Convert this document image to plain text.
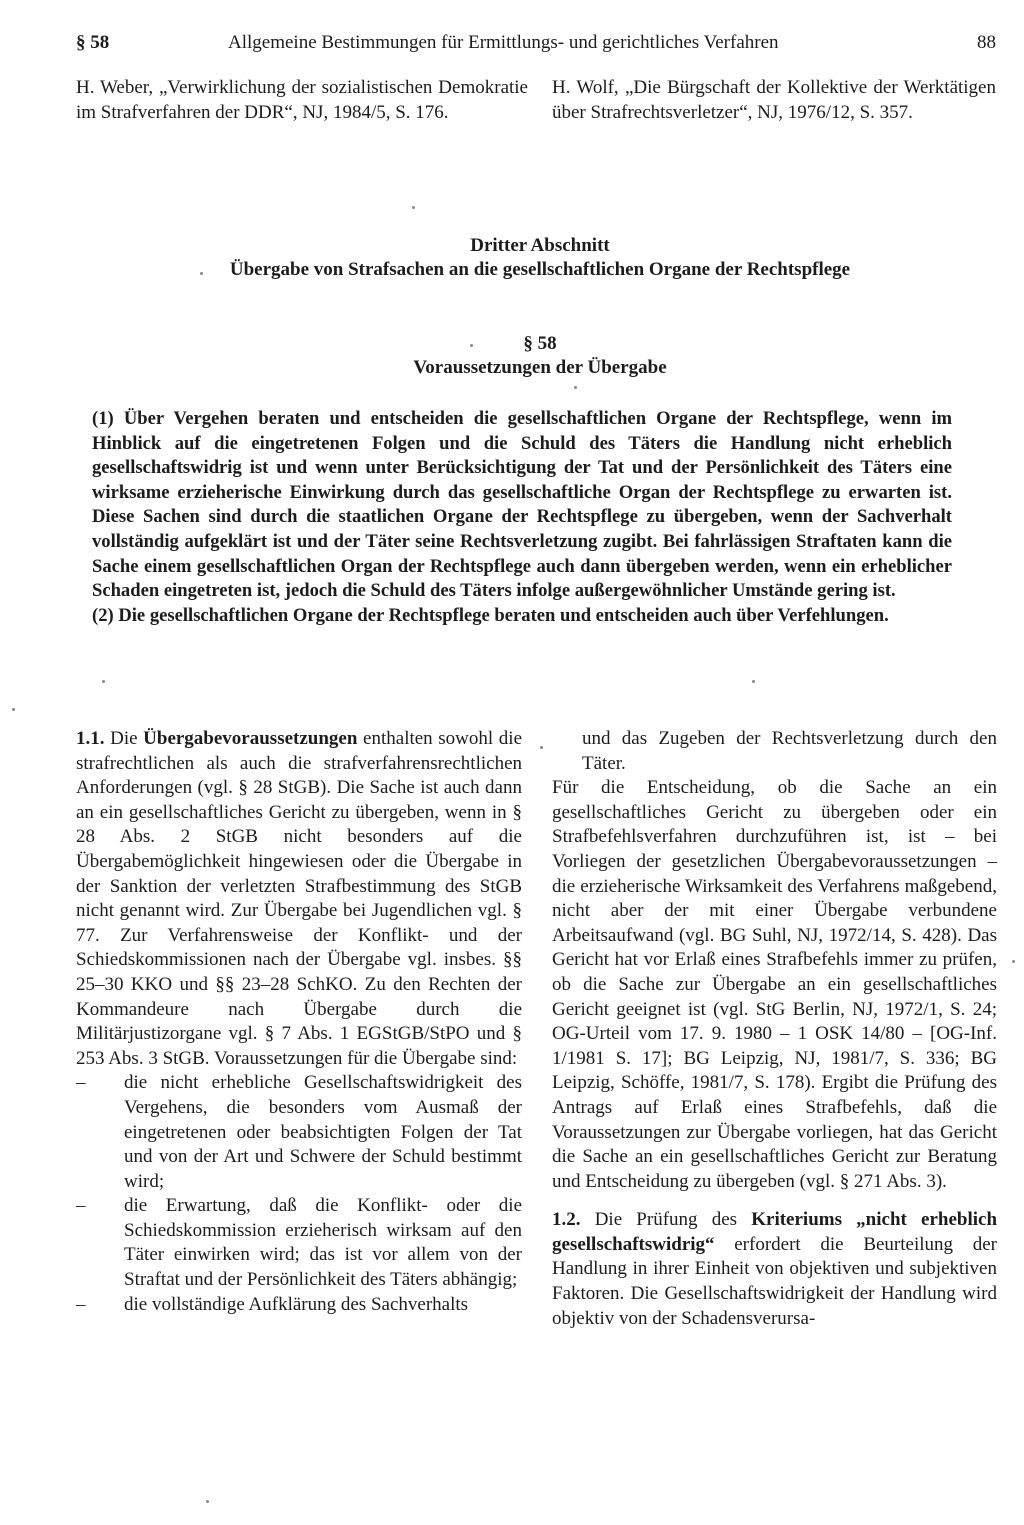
§ 58	Allgemeine Bestimmungen für Ermittlungs- und gerichtliches Verfahren	88
H. Weber, „Verwirklichung der sozialistischen Demokratie im Strafverfahren der DDR“, NJ, 1984/5, S. 176.
H. Wolf, „Die Bürgschaft der Kollektive der Werktätigen über Strafrechtsverletzer“, NJ, 1976/12, S. 357.
Dritter Abschnitt
Übergabe von Strafsachen an die gesellschaftlichen Organe der Rechtspflege
§ 58
Voraussetzungen der Übergabe

(1) Über Vergehen beraten und entscheiden die gesellschaftlichen Organe der Rechtspflege, wenn im Hinblick auf die eingetretenen Folgen und die Schuld des Täters die Handlung nicht erheblich gesellschaftswidrig ist und wenn unter Berücksichtigung der Tat und der Persönlichkeit des Täters eine wirksame erzieherische Einwirkung durch das gesellschaftliche Organ der Rechtspflege zu erwarten ist. Diese Sachen sind durch die staatlichen Organe der Rechtspflege zu übergeben, wenn der Sachverhalt vollständig aufgeklärt ist und der Täter seine Rechtsverletzung zugibt. Bei fahrlässigen Straftaten kann die Sache einem gesellschaftlichen Organ der Rechtspflege auch dann übergeben werden, wenn ein erheblicher Schaden eingetreten ist, jedoch die Schuld des Täters infolge außergewöhnlicher Umstände gering ist.

(2) Die gesellschaftlichen Organe der Rechtspflege beraten und entscheiden auch über Verfehlungen.

1.1. Die Übergabevoraussetzungen enthalten sowohl die strafrechtlichen als auch die strafverfahrensrechtlichen Anforderungen (vgl. § 28 StGB). Die Sache ist auch dann an ein gesellschaftliches Gericht zu übergeben, wenn in § 28 Abs. 2 StGB nicht besonders auf die Übergabemöglichkeit hingewiesen oder die Übergabe in der Sanktion der verletzten Strafbestimmung des StGB nicht genannt wird. Zur Übergabe bei Jugendlichen vgl. § 77. Zur Verfahrensweise der Konflikt- und der Schiedskommissionen nach der Übergabe vgl. insbes. §§ 25–30 KKO und §§ 23–28 SchKO. Zu den Rechten der Kommandeure nach Übergabe durch die Militärjustizorgane vgl. § 7 Abs. 1 EGStGB/StPO und § 253 Abs. 3 StGB. Voraussetzungen für die Übergabe sind:

–	die nicht erhebliche Gesellschaftswidrigkeit des Vergehens, die besonders vom Ausmaß der eingetretenen oder beabsichtigten Folgen der Tat und von der Art und Schwere der Schuld bestimmt wird;
–	die Erwartung, daß die Konflikt- oder die Schiedskommission erzieherisch wirksam auf den Täter einwirken wird; das ist vor allem von der Straftat und der Persönlichkeit des Täters abhängig;
–	die vollständige Aufklärung des Sachverhalts

und das Zugeben der Rechtsverletzung durch den Täter.

Für die Entscheidung, ob die Sache an ein gesellschaftliches Gericht zu übergeben oder ein Strafbefehlsverfahren durchzuführen ist, ist – bei Vorliegen der gesetzlichen Übergabevoraussetzungen – die erzieherische Wirksamkeit des Verfahrens maßgebend, nicht aber der mit einer Übergabe verbundene Arbeitsaufwand (vgl. BG Suhl, NJ, 1972/14, S. 428). Das Gericht hat vor Erlaß eines Strafbefehls immer zu prüfen, ob die Sache zur Übergabe an ein gesellschaftliches Gericht geeignet ist (vgl. StG Berlin, NJ, 1972/1, S. 24; OG-Urteil vom 17. 9. 1980 – 1 OSK 14/80 – [OG-Inf. 1/1981 S. 17]; BG Leipzig, NJ, 1981/7, S. 336; BG Leipzig, Schöffe, 1981/7, S. 178). Ergibt die Prüfung des Antrags auf Erlaß eines Strafbefehls, daß die Voraussetzungen zur Übergabe vorliegen, hat das Gericht die Sache an ein gesellschaftliches Gericht zur Beratung und Entscheidung zu übergeben (vgl. § 271 Abs. 3).

1.2. Die Prüfung des Kriteriums „nicht erheblich gesellschaftswidrig“ erfordert die Beurteilung der Handlung in ihrer Einheit von objektiven und subjektiven Faktoren. Die Gesellschaftswidrigkeit der Handlung wird objektiv von der Schadensverursa-
